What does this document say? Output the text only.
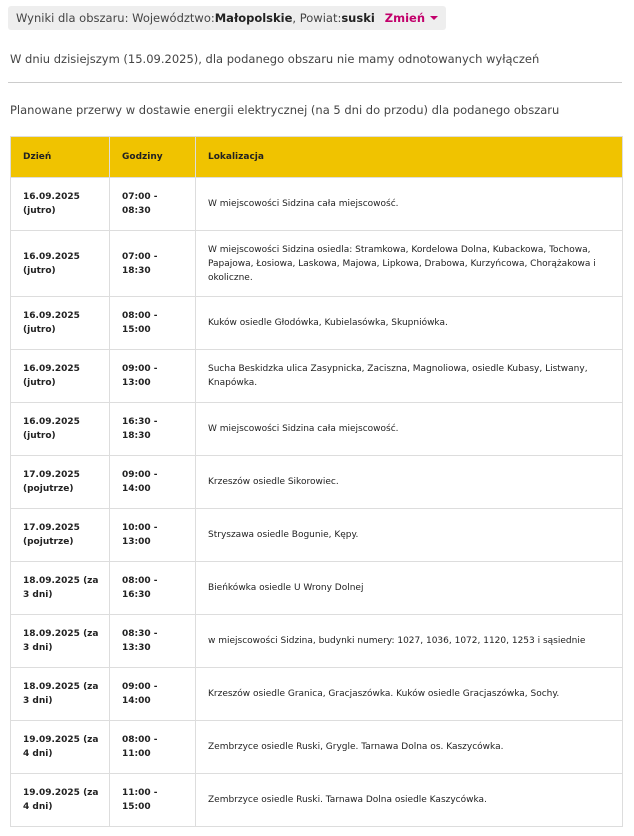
Wyniki dla obszaru: Województwo: Małopolskie , Powiat: suski Zmień
W dniu dzisiejszym (15.09.2025), dla podanego obszaru nie mamy odnotowanych wyłączeń
Planowane przerwy w dostawie energii elektrycznej (na 5 dni do przodu) dla podanego obszaru
Dzień	Godziny	Lokalizacja

16.09.2025
(jutro)	07:00 - 08:30	W miejscowości Sidzina cała miejscowość.

16.09.2025
(jutro)	07:00 - 18:30	W miejscowości Sidzina osiedla: Stramkowa, Kordelowa Dolna, Kubackowa, Tochowa, Papajowa, Łosiowa, Laskowa, Majowa, Lipkowa, Drabowa, Kurzyńcowa, Chorążakowa i okoliczne.

16.09.2025
(jutro)	08:00 - 15:00	Kuków osiedle Głodówka, Kubielasówka, Skupniówka.

16.09.2025
(jutro)	09:00 - 13:00	Sucha Beskidzka ulica Zasypnicka, Zaciszna, Magnoliowa, osiedle Kubasy, Listwany, Knapówka.

16.09.2025
(jutro)	16:30 - 18:30	W miejscowości Sidzina cała miejscowość.

17.09.2025
(pojutrze)	09:00 - 14:00	Krzeszów osiedle Sikorowiec.

17.09.2025
(pojutrze)	10:00 - 13:00	Stryszawa osiedle Bogunie, Kępy.

18.09.2025 (za
3 dni)	08:00 - 16:30	Bieńkówka osiedle U Wrony Dolnej

18.09.2025 (za
3 dni)	08:30 - 13:30	w miejscowości Sidzina, budynki numery: 1027, 1036, 1072, 1120, 1253 i sąsiednie

18.09.2025 (za
3 dni)	09:00 - 14:00	Krzeszów osiedle Granica, Gracjaszówka. Kuków osiedle Gracjaszówka, Sochy.

19.09.2025 (za
4 dni)	08:00 - 11:00	Zembrzyce osiedle Ruski, Grygle. Tarnawa Dolna os. Kaszycówka.

19.09.2025 (za
4 dni)	11:00 - 15:00	Zembrzyce osiedle Ruski. Tarnawa Dolna osiedle Kaszycówka.
